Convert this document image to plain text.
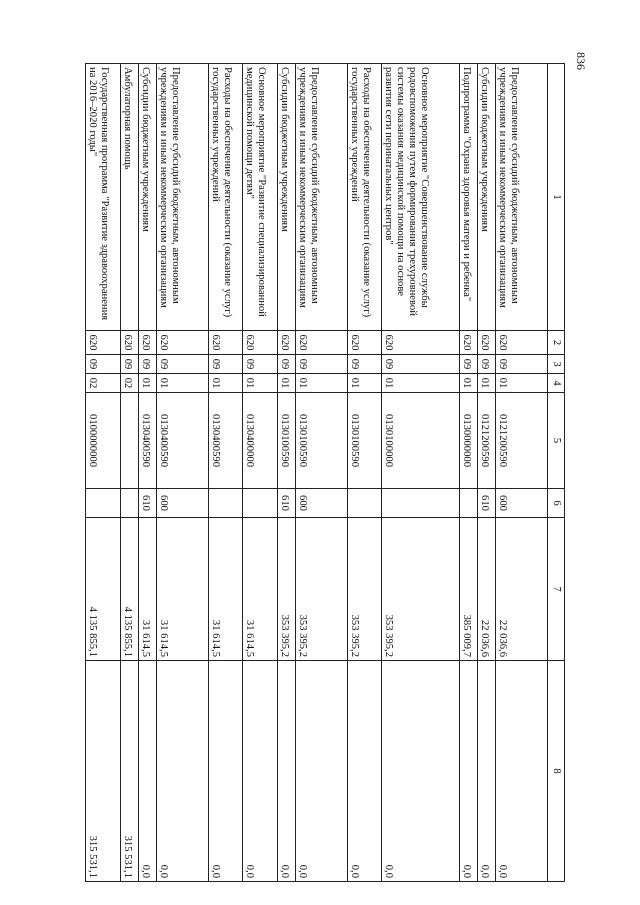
836
1	2	3	4	5	6	7	8
Предоставление субсидий бюджетным, автономным учреждениям и иным некоммерческим организациям	620	09	01	0121200590	600	22 036,6	0,0
Субсидии бюджетным учреждениям	620	09	01	0121200590	610	22 036,6	0,0
Подпрограмма "Охрана здоровья матери и ребенка"	620	09	01	0130000000		385 009,7	0,0
Основное мероприятие "Совершенствование службы родовспоможения путем формирования трехуровневой системы оказания медицинской помощи на основе развития сети перинатальных центров"	620	09	01	0130100000		353 395,2	0,0
Расходы на обеспечение деятельности (оказание услуг) государственных учреждений	620	09	01	0130100590		353 395,2	0,0
Предоставление субсидий бюджетным, автономным учреждениям и иным некоммерческим организациям	620	09	01	0130100590	600	353 395,2	0,0
Субсидии бюджетным учреждениям	620	09	01	0130100590	610	353 395,2	0,0
Основное мероприятие "Развитие специализированной медицинской помощи детям"	620	09	01	0130400000		31 614,5	0,0
Расходы на обеспечение деятельности (оказание услуг) государственных учреждений	620	09	01	0130400590		31 614,5	0,0
Предоставление субсидий бюджетным, автономным учреждениям и иным некоммерческим организациям	620	09	01	0130400590	600	31 614,5	0,0
Субсидии бюджетным учреждениям	620	09	01	0130400590	610	31 614,5	0,0
Амбулаторная помощь	620	09	02			4 135 855,1	315 531,1
Государственная программа "Развитие здравоохранения на 2016–2020 годы"	620	09	02	0100000000		4 135 855,1	315 531,1
